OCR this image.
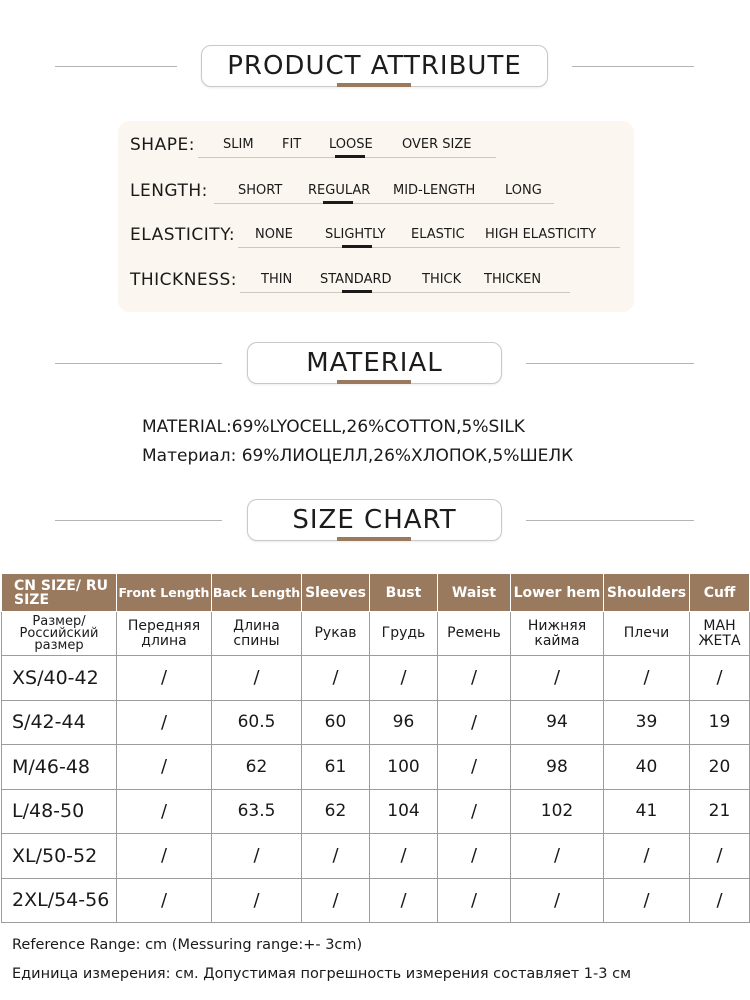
PRODUCT ATTRIBUTE
SHAPE: SLIM FIT LOOSE OVER SIZE
LENGTH: SHORT REGULAR MID-LENGTH LONG
ELASTICITY: NONE SLIGHTLY ELASTIC HIGH ELASTICITY
THICKNESS: THIN STANDARD THICK THICKEN
MATERIAL
MATERIAL:69%LYOCELL,26%COTTON,5%SILK
Материал: 69%ЛИОЦЕЛЛ,26%ХЛОПОК,5%ШЕЛК
SIZE CHART
CN SIZE/ RU SIZE	Front Length	Back Length	Sleeves	Bust	Waist	Lower hem	Shoulders	Cuff
Размер/ Российский размер	Передняя длина	Длина спины	Рукав	Грудь	Ремень	Нижняя кайма	Плечи	МАН ЖЕТА
XS/40-42	/	/	/	/	/	/	/	/
S/42-44	/	60.5	60	96	/	94	39	19
M/46-48	/	62	61	100	/	98	40	20
L/48-50	/	63.5	62	104	/	102	41	21
XL/50-52	/	/	/	/	/	/	/	/
2XL/54-56	/	/	/	/	/	/	/	/
Reference Range: cm (Messuring range:+- 3cm)
Единица измерения: см. Допустимая погрешность измерения составляет 1-3 см
